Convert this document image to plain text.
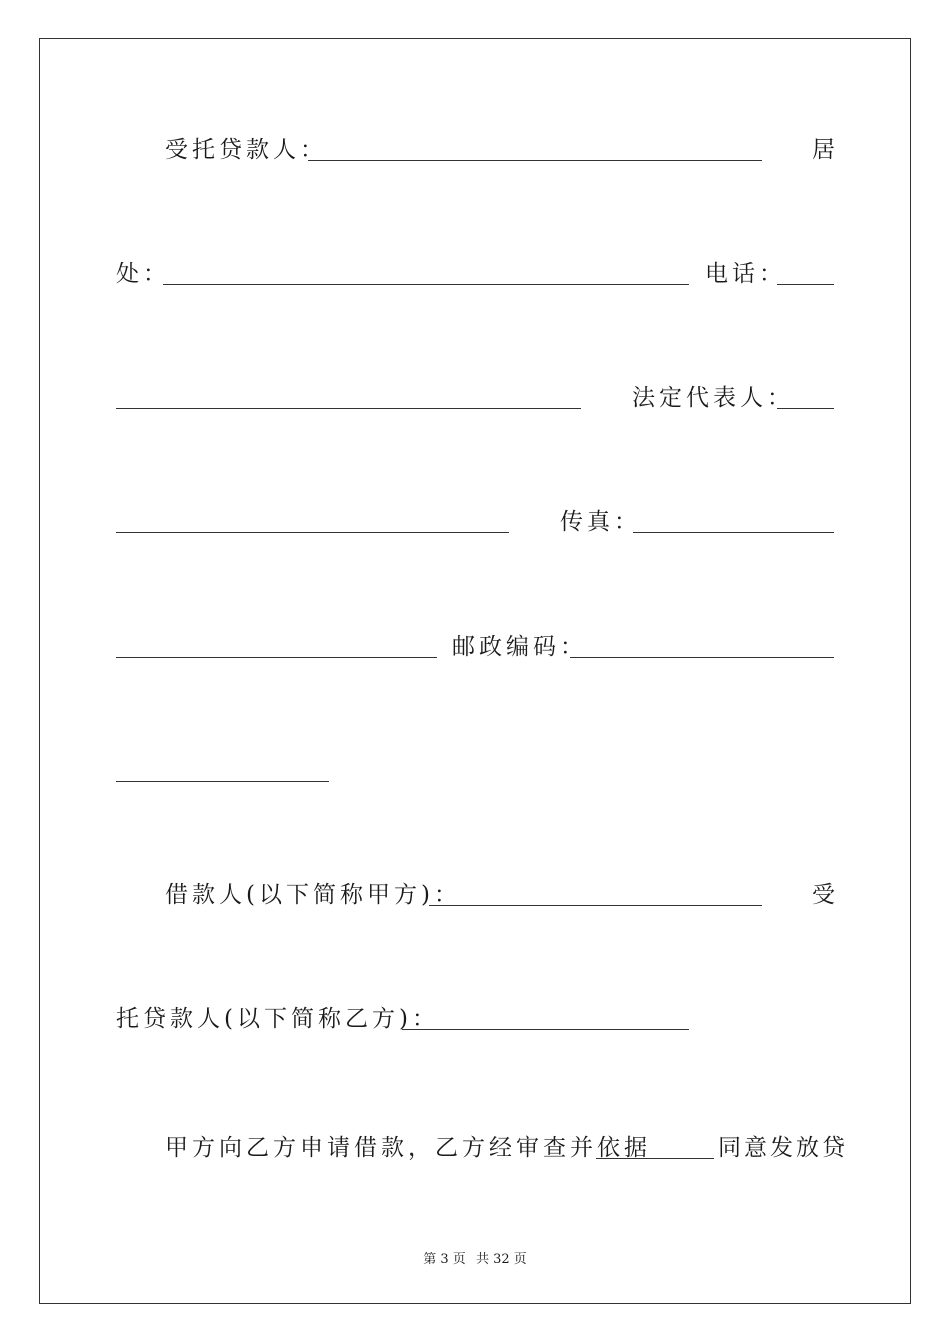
受托贷款人：	居
处：	电话：
法定代表人：
传真：
邮政编码：
借款人(以下简称甲方)：	受
托贷款人(以下简称乙方)：
甲方向乙方申请借款，乙方经审查并依据	同意发放贷
第 3 页 共 32 页
